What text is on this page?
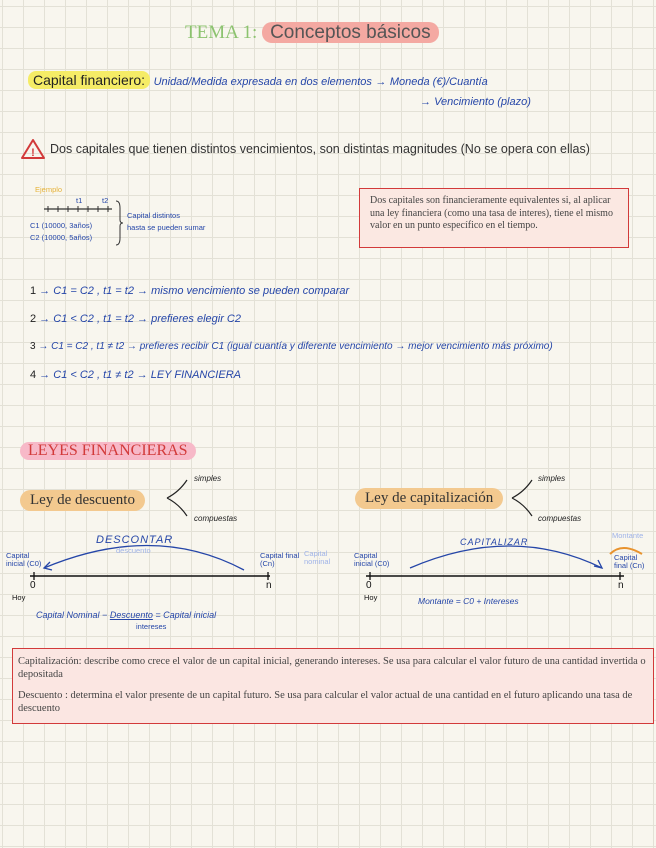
TEMA 1: Conceptos básicos
Capital financiero: Unidad/Medida expresada en dos elementos → Moneda (€)/Cuantía
→ Vencimiento (plazo)
! Dos capitales que tienen distintos vencimientos, son distintas magnitudes (No se opera con ellas)
Ejemplo
t1	t2
C1 (10000, 3años)
C2 (10000, 5años)
Capital distintos
hasta se pueden sumar
Dos capitales son financieramente equivalentes si, al aplicar una ley financiera (como una tasa de interes), tiene el mismo valor en un punto específico en el tiempo.
1 → C1 = C2 , t1 = t2 → mismo vencimiento se pueden comparar
2 → C1 < C2 , t1 = t2 → prefieres elegir C2
3 → C1 = C2 , t1 ≠ t2 → prefieres recibir C1 (igual cuantía y diferente vencimiento → mejor vencimiento más próximo)
4 → C1 < C2 , t1 ≠ t2 → LEY FINANCIERA
LEYES FINANCIERAS
Ley de descuento
simples
compuestas
Ley de capitalización
simples
compuestas
DESCONTAR
descuento
Capital inicial (C0)
Capital final (Cn)
Capital nominal
0
Hoy
n
Capital Nominal − Descuento = Capital inicial
intereses
CAPITALIZAR
Capital inicial (C0)
Montante
Capital final (Cn)
0
Hoy
n
Montante = C0 + Intereses

Capitalización: describe como crece el valor de un capital inicial, generando intereses. Se usa para calcular el valor futuro de una cantidad invertida o depositada

Descuento : determina el valor presente de un capital futuro. Se usa para calcular el valor actual de una cantidad en el futuro aplicando una tasa de descuento
